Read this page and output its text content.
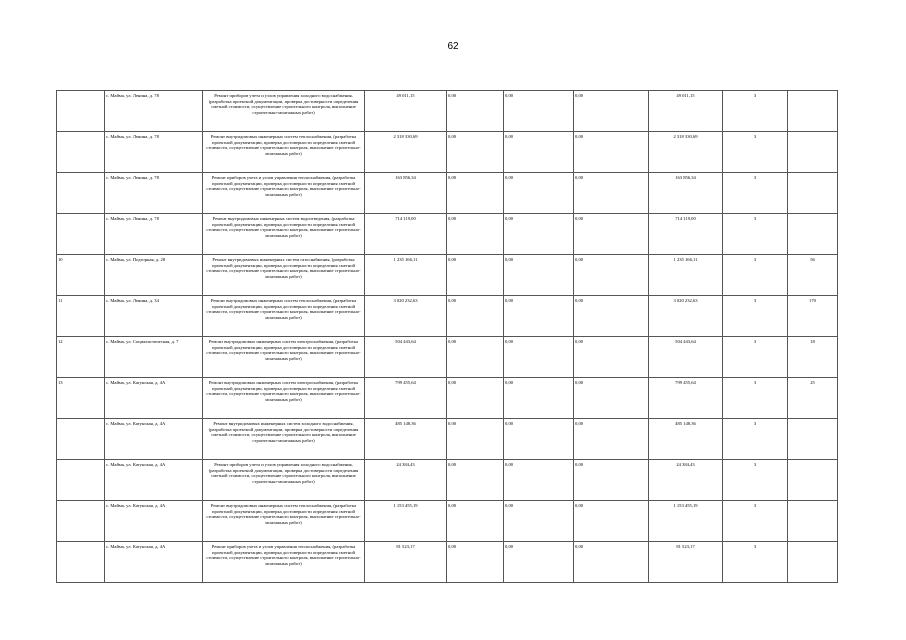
62
	с. Майма, ул. Ленина, д. 78	Ремонт приборов учета и узлов управления холодного водоснабжения, (разработка проектной документации, проверка достоверности определения сметной стоимости, осуществление строительного контроля, выполнение строительно-монтажных работ)	49 011,15	0,00	0,00	0,00	49 011,15	3	
	с. Майма, ул. Ленина, д. 78	Ремонт внутридомовых инженерных систем теплоснабжения, (разработка проектной документации, проверка достоверности определения сметной стоимости, осуществление строительного контроля, выполнение строительно-монтажных работ)	2 318 330,69	0,00	0,00	0,00	2 318 330,69	3	
	с. Майма, ул. Ленина, д. 78	Ремонт приборов учета и узлов управления теплоснабжения, (разработка проектной документации, проверка достоверности определения сметной стоимости, осуществление строительного контроля, выполнение строительно-монтажных работ)	163 856,34	0,00	0,00	0,00	163 856,34	3	
	с. Майма, ул. Ленина, д. 78	Ремонт внутридомовых инженерных систем водоотведения, (разработка проектной документации, проверка достоверности определения сметной стоимости, осуществление строительного контроля, выполнение строительно-монтажных работ)	714 119,00	0,00	0,00	0,00	714 119,00	3	
10	с. Майма, ул. Подгорная, д. 28	Ремонт внутридомовых инженерных систем газоснабжения, (разработка проектной документации, проверка достоверности определения сметной стоимости, осуществление строительного контроля, выполнение строительно-монтажных работ)	1 235 166,11	0,00	0,00	0,00	1 235 166,11	3	56
11	с. Майма, ул. Ленина, д. 34	Ремонт внутридомовых инженерных систем теплоснабжения, (разработка проектной документации, проверка достоверности определения сметной стоимости, осуществление строительного контроля, выполнение строительно-монтажных работ)	3 020 232,63	0,00	0,00	0,00	3 020 232,63	3	170
12	с. Майма, ул. Социалистическая, д. 7	Ремонт внутридомовых инженерных систем электроснабжения, (разработка проектной документации, проверка достоверности определения сметной стоимости, осуществление строительного контроля, выполнение строительно-монтажных работ)	504 443,64	0,00	0,00	0,00	504 443,64	3	18
13	с. Майма, ул. Катунская, д. 4А	Ремонт внутридомовых инженерных систем электроснабжения, (разработка проектной документации, проверка достоверности определения сметной стоимости, осуществление строительного контроля, выполнение строительно-монтажных работ)	799 455,64	0,00	0,00	0,00	799 455,64	3	25
	с. Майма, ул. Катунская, д. 4А	Ремонт внутридомовых инженерных систем холодного водоснабжения, (разработка проектной документации, проверка достоверности определения сметной стоимости, осуществление строительного контроля, выполнение строительно-монтажных работ)	485 148,36	0,00	0,00	0,00	485 148,36	3	
	с. Майма, ул. Катунская, д. 4А	Ремонт приборов учета и узлов управления холодного водоснабжения, (разработка проектной документации, проверка достоверности определения сметной стоимости, осуществление строительного контроля, выполнение строительно-монтажных работ)	24 384,43	0,00	0,00	0,00	24 384,43	3	
	с. Майма, ул. Катунская, д. 4А	Ремонт внутридомовых инженерных систем теплоснабжения, (разработка проектной документации, проверка достоверности определения сметной стоимости, осуществление строительного контроля, выполнение строительно-монтажных работ)	1 153 455,19	0,00	0,00	0,00	1 153 455,19	3	
	с. Майма, ул. Катунская, д. 4А	Ремонт приборов учета и узлов управления теплоснабжения, (разработка проектной документации, проверка достоверности определения сметной стоимости, осуществление строительного контроля, выполнение строительно-монтажных работ)	81 523,17	0,00	0,00	0,00	81 523,17	3	
